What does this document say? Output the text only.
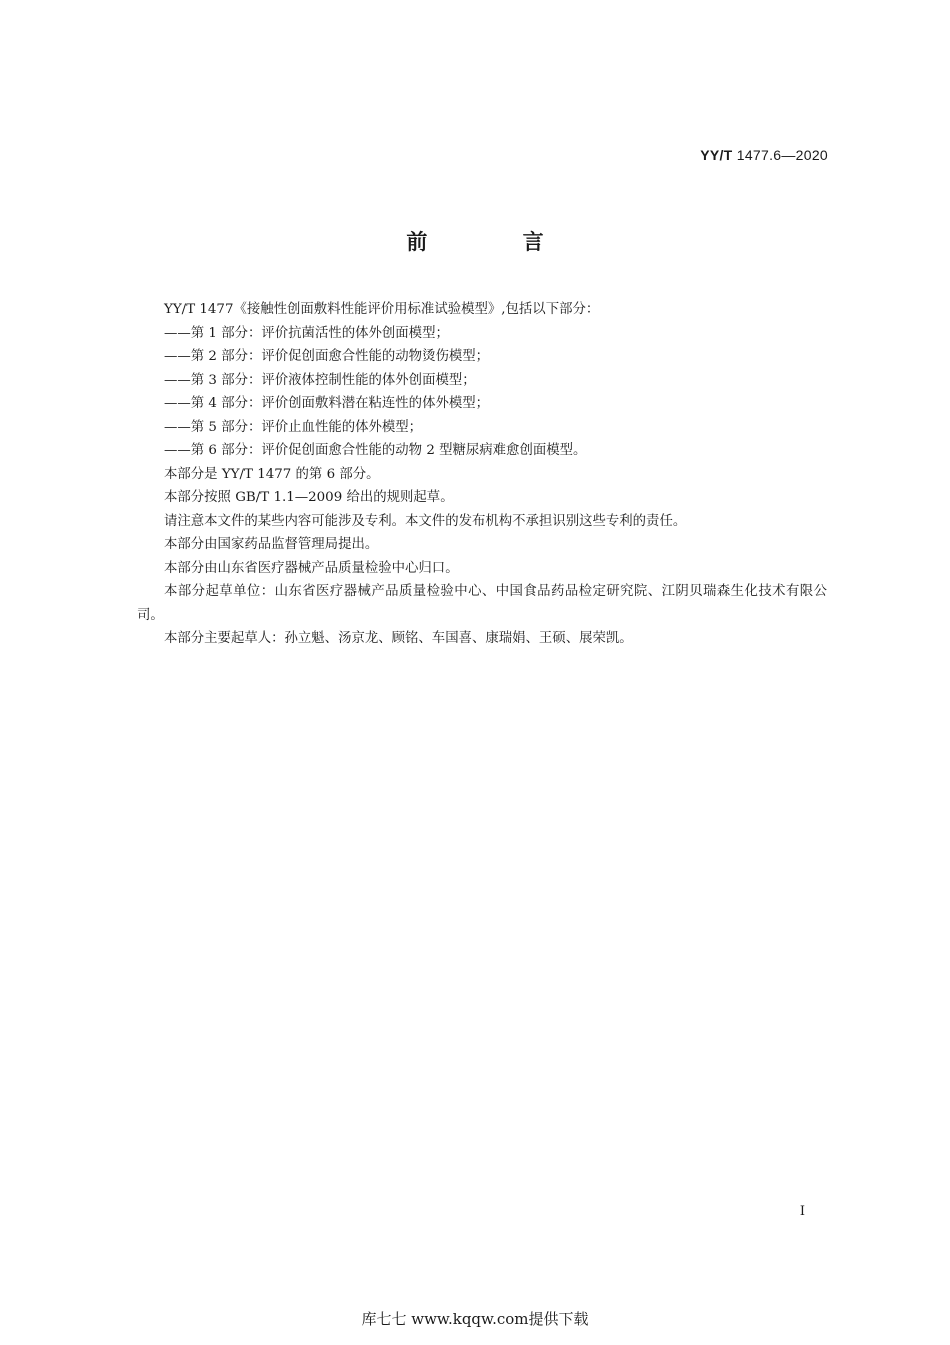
YY/T 1477.6—2020
前 言

YY/T 1477《接触性创面敷料性能评价用标准试验模型》,包括以下部分：

——第 1 部分：评价抗菌活性的体外创面模型；

——第 2 部分：评价促创面愈合性能的动物烫伤模型；

——第 3 部分：评价液体控制性能的体外创面模型；

——第 4 部分：评价创面敷料潜在粘连性的体外模型；

——第 5 部分：评价止血性能的体外模型；

——第 6 部分：评价促创面愈合性能的动物 2 型糖尿病难愈创面模型。

本部分是 YY/T 1477 的第 6 部分。

本部分按照 GB/T 1.1—2009 给出的规则起草。

请注意本文件的某些内容可能涉及专利。本文件的发布机构不承担识别这些专利的责任。

本部分由国家药品监督管理局提出。

本部分由山东省医疗器械产品质量检验中心归口。

本部分起草单位：山东省医疗器械产品质量检验中心、中国食品药品检定研究院、江阴贝瑞森生化技术有限公司。

本部分主要起草人：孙立魁、汤京龙、顾铭、车国喜、康瑞娟、王硕、展荣凯。

I
库七七 www.kqqw.com提供下载
